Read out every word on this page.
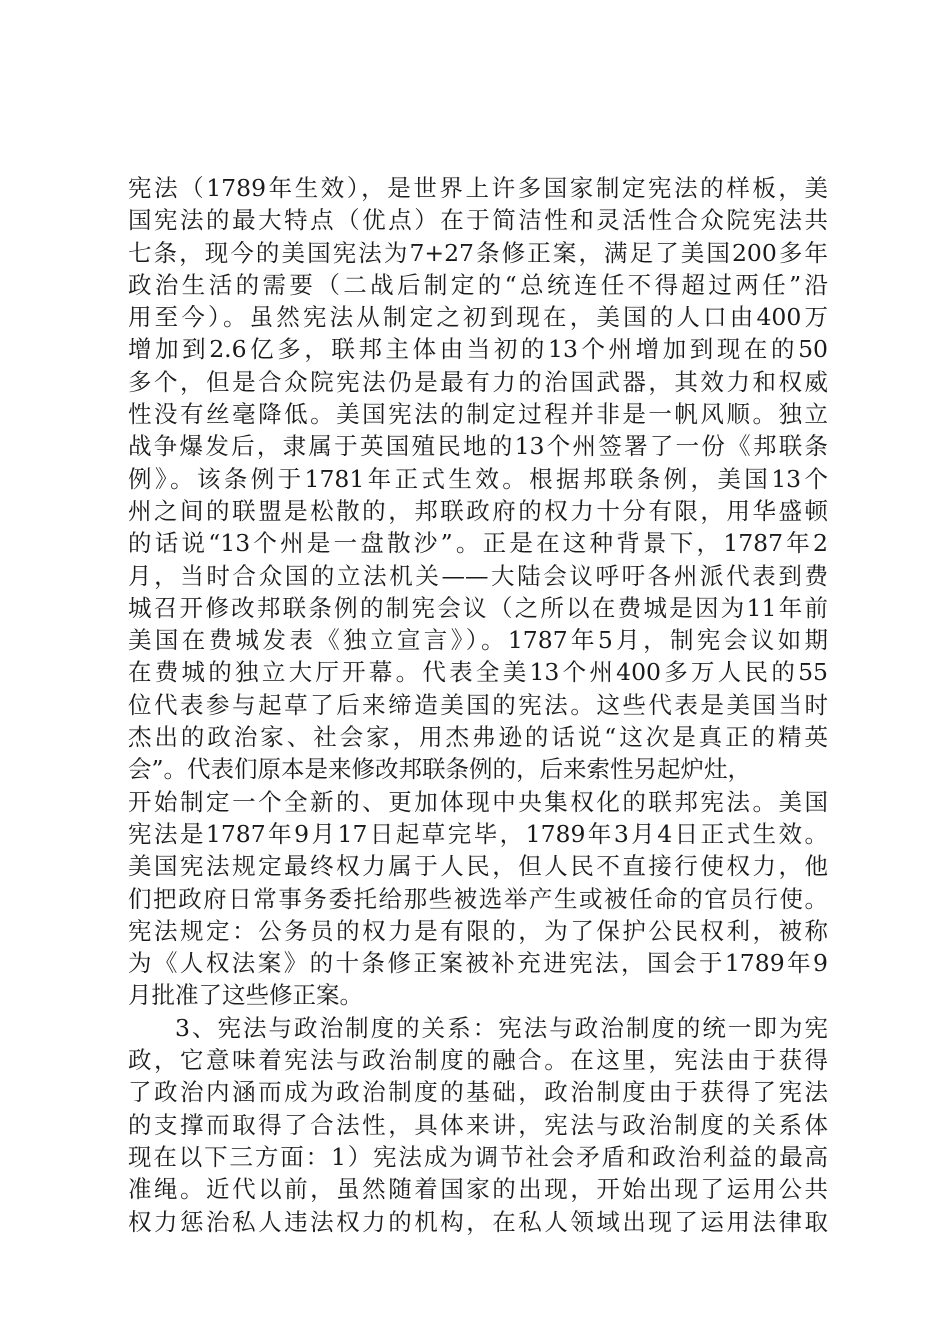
宪法（1789年生效），是世界上许多国家制定宪法的样板，美
国宪法的最大特点（优点）在于简洁性和灵活性合众院宪法共
七条，现今的美国宪法为7+27条修正案，满足了美国200多年
政治生活的需要（二战后制定的“总统连任不得超过两任”沿
用至今）。虽然宪法从制定之初到现在，美国的人口由400万
增加到2.6亿多，联邦主体由当初的13个州增加到现在的50
多个，但是合众院宪法仍是最有力的治国武器，其效力和权威
性没有丝毫降低。美国宪法的制定过程并非是一帆风顺。独立
战争爆发后，隶属于英国殖民地的13个州签署了一份《邦联条
例》。该条例于1781年正式生效。根据邦联条例，美国13个
州之间的联盟是松散的，邦联政府的权力十分有限，用华盛顿
的话说“13个州是一盘散沙”。正是在这种背景下，1787年2
月，当时合众国的立法机关——大陆会议呼吁各州派代表到费
城召开修改邦联条例的制宪会议（之所以在费城是因为11年前
美国在费城发表《独立宣言》）。1787年5月，制宪会议如期
在费城的独立大厅开幕。代表全美13个州400多万人民的55
位代表参与起草了后来缔造美国的宪法。这些代表是美国当时
杰出的政治家、社会家，用杰弗逊的话说“这次是真正的精英
会”。代表们原本是来修改邦联条例的，后来索性另起炉灶，
开始制定一个全新的、更加体现中央集权化的联邦宪法。美国
宪法是1787年9月17日起草完毕，1789年3月4日正式生效。
美国宪法规定最终权力属于人民，但人民不直接行使权力，他
们把政府日常事务委托给那些被选举产生或被任命的官员行使。
宪法规定：公务员的权力是有限的，为了保护公民权利，被称
为《人权法案》的十条修正案被补充进宪法，国会于1789年9
月批准了这些修正案。
3、宪法与政治制度的关系：宪法与政治制度的统一即为宪
政，它意味着宪法与政治制度的融合。在这里，宪法由于获得
了政治内涵而成为政治制度的基础，政治制度由于获得了宪法
的支撑而取得了合法性，具体来讲，宪法与政治制度的关系体
现在以下三方面：1）宪法成为调节社会矛盾和政治利益的最高
准绳。近代以前，虽然随着国家的出现，开始出现了运用公共
权力惩治私人违法权力的机构，在私人领域出现了运用法律取
